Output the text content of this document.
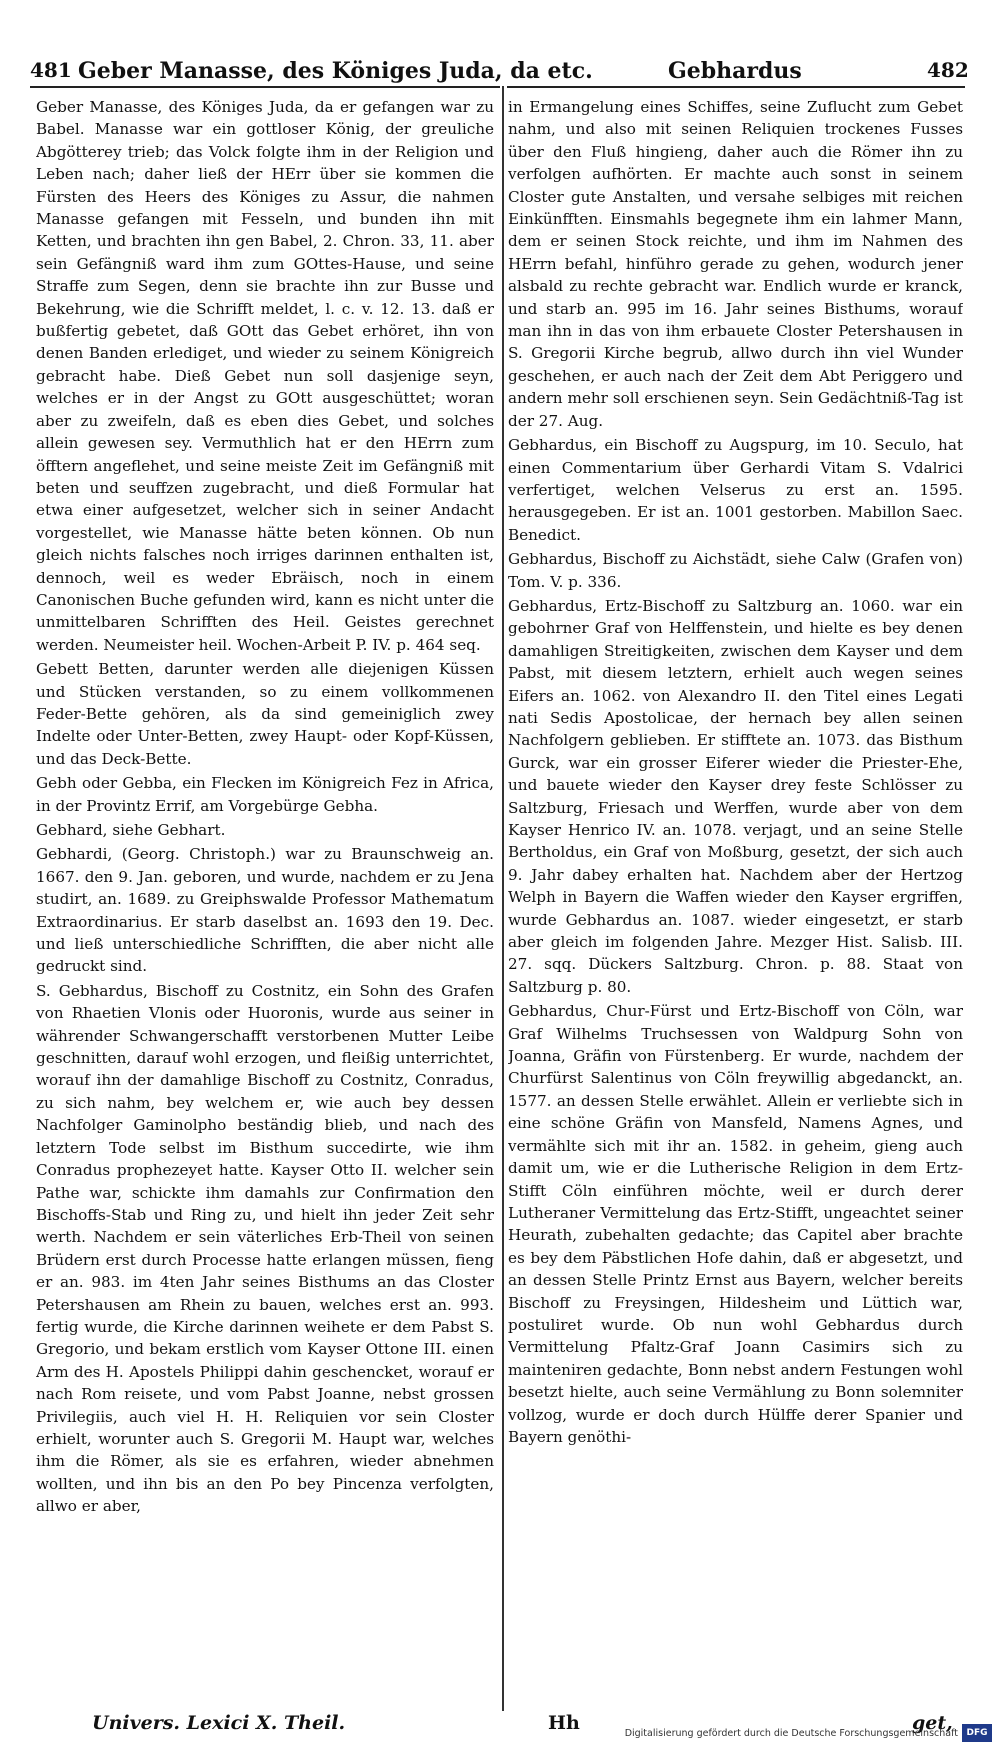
481 Geber Manasse, des Königes Juda, da etc.	Gebhardus	482

Geber Manasse, des Königes Juda, da er gefangen war zu Babel. Manasse war ein gottloser König, der greuliche Abgötterey trieb; das Volck folgte ihm in der Religion und Leben nach; daher ließ der HErr über sie kommen die Fürsten des Heers des Königes zu Assur, die nahmen Manasse gefangen mit Fesseln, und bunden ihn mit Ketten, und brachten ihn gen Babel, 2. Chron. 33, 11. aber sein Gefängniß ward ihm zum GOttes-Hause, und seine Straffe zum Segen, denn sie brachte ihn zur Busse und Bekehrung, wie die Schrifft meldet, l. c. v. 12. 13. daß er bußfertig gebetet, daß GOtt das Gebet erhöret, ihn von denen Banden erlediget, und wieder zu seinem Königreich gebracht habe. Dieß Gebet nun soll dasjenige seyn, welches er in der Angst zu GOtt ausgeschüttet; woran aber zu zweifeln, daß es eben dies Gebet, und solches allein gewesen sey. Vermuthlich hat er den HErrn zum öfftern angeflehet, und seine meiste Zeit im Gefängniß mit beten und seuffzen zugebracht, und dieß Formular hat etwa einer aufgesetzet, welcher sich in seiner Andacht vorgestellet, wie Manasse hätte beten können. Ob nun gleich nichts falsches noch irriges darinnen enthalten ist, dennoch, weil es weder Ebräisch, noch in einem Canonischen Buche gefunden wird, kann es nicht unter die unmittelbaren Schrifften des Heil. Geistes gerechnet werden. Neumeister heil. Wochen-Arbeit P. IV. p. 464 seq.

Gebett Betten, darunter werden alle diejenigen Küssen und Stücken verstanden, so zu einem vollkommenen Feder-Bette gehören, als da sind gemeiniglich zwey Indelte oder Unter-Betten, zwey Haupt- oder Kopf-Küssen, und das Deck-Bette.

Gebh oder Gebba, ein Flecken im Königreich Fez in Africa, in der Provintz Errif, am Vorgebürge Gebha.

Gebhard, siehe Gebhart.

Gebhardi, (Georg. Christoph.) war zu Braunschweig an. 1667. den 9. Jan. geboren, und wurde, nachdem er zu Jena studirt, an. 1689. zu Greiphswalde Professor Mathematum Extraordinarius. Er starb daselbst an. 1693 den 19. Dec. und ließ unterschiedliche Schrifften, die aber nicht alle gedruckt sind.

S. Gebhardus, Bischoff zu Costnitz, ein Sohn des Grafen von Rhaetien Vlonis oder Huoronis, wurde aus seiner in währender Schwangerschafft verstorbenen Mutter Leibe geschnitten, darauf wohl erzogen, und fleißig unterrichtet, worauf ihn der damahlige Bischoff zu Costnitz, Conradus, zu sich nahm, bey welchem er, wie auch bey dessen Nachfolger Gaminolpho beständig blieb, und nach des letztern Tode selbst im Bisthum succedirte, wie ihm Conradus prophezeyet hatte. Kayser Otto II. welcher sein Pathe war, schickte ihm damahls zur Confirmation den Bischoffs-Stab und Ring zu, und hielt ihn jeder Zeit sehr werth. Nachdem er sein väterliches Erb-Theil von seinen Brüdern erst durch Processe hatte erlangen müssen, fieng er an. 983. im 4ten Jahr seines Bisthums an das Closter Petershausen am Rhein zu bauen, welches erst an. 993. fertig wurde, die Kirche darinnen weihete er dem Pabst S. Gregorio, und bekam erstlich vom Kayser Ottone III. einen Arm des H. Apostels Philippi dahin geschencket, worauf er nach Rom reisete, und vom Pabst Joanne, nebst grossen Privilegiis, auch viel H. H. Reliquien vor sein Closter erhielt, worunter auch S. Gregorii M. Haupt war, welches ihm die Römer, als sie es erfahren, wieder abnehmen wollten, und ihn bis an den Po bey Pincenza verfolgten, allwo er aber,

in Ermangelung eines Schiffes, seine Zuflucht zum Gebet nahm, und also mit seinen Reliquien trockenes Fusses über den Fluß hingieng, daher auch die Römer ihn zu verfolgen aufhörten. Er machte auch sonst in seinem Closter gute Anstalten, und versahe selbiges mit reichen Einkünfften. Einsmahls begegnete ihm ein lahmer Mann, dem er seinen Stock reichte, und ihm im Nahmen des HErrn befahl, hinführo gerade zu gehen, wodurch jener alsbald zu rechte gebracht war. Endlich wurde er kranck, und starb an. 995 im 16. Jahr seines Bisthums, worauf man ihn in das von ihm erbauete Closter Petershausen in S. Gregorii Kirche begrub, allwo durch ihn viel Wunder geschehen, er auch nach der Zeit dem Abt Periggero und andern mehr soll erschienen seyn. Sein Gedächtniß-Tag ist der 27. Aug.

Gebhardus, ein Bischoff zu Augspurg, im 10. Seculo, hat einen Commentarium über Gerhardi Vitam S. Vdalrici verfertiget, welchen Velserus zu erst an. 1595. herausgegeben. Er ist an. 1001 gestorben. Mabillon Saec. Benedict.

Gebhardus, Bischoff zu Aichstädt, siehe Calw (Grafen von) Tom. V. p. 336.

Gebhardus, Ertz-Bischoff zu Saltzburg an. 1060. war ein gebohrner Graf von Helffenstein, und hielte es bey denen damahligen Streitigkeiten, zwischen dem Kayser und dem Pabst, mit diesem letztern, erhielt auch wegen seines Eifers an. 1062. von Alexandro II. den Titel eines Legati nati Sedis Apostolicae, der hernach bey allen seinen Nachfolgern geblieben. Er stifftete an. 1073. das Bisthum Gurck, war ein grosser Eiferer wieder die Priester-Ehe, und bauete wieder den Kayser drey feste Schlösser zu Saltzburg, Friesach und Werffen, wurde aber von dem Kayser Henrico IV. an. 1078. verjagt, und an seine Stelle Bertholdus, ein Graf von Moßburg, gesetzt, der sich auch 9. Jahr dabey erhalten hat. Nachdem aber der Hertzog Welph in Bayern die Waffen wieder den Kayser ergriffen, wurde Gebhardus an. 1087. wieder eingesetzt, er starb aber gleich im folgenden Jahre. Mezger Hist. Salisb. III. 27. sqq. Dückers Saltzburg. Chron. p. 88. Staat von Saltzburg p. 80.

Gebhardus, Chur-Fürst und Ertz-Bischoff von Cöln, war Graf Wilhelms Truchsessen von Waldpurg Sohn von Joanna, Gräfin von Fürstenberg. Er wurde, nachdem der Churfürst Salentinus von Cöln freywillig abgedanckt, an. 1577. an dessen Stelle erwählet. Allein er verliebte sich in eine schöne Gräfin von Mansfeld, Namens Agnes, und vermählte sich mit ihr an. 1582. in geheim, gieng auch damit um, wie er die Lutherische Religion in dem Ertz-Stifft Cöln einführen möchte, weil er durch derer Lutheraner Vermittelung das Ertz-Stifft, ungeachtet seiner Heurath, zubehalten gedachte; das Capitel aber brachte es bey dem Päbstlichen Hofe dahin, daß er abgesetzt, und an dessen Stelle Printz Ernst aus Bayern, welcher bereits Bischoff zu Freysingen, Hildesheim und Lüttich war, postuliret wurde. Ob nun wohl Gebhardus durch Vermittelung Pfaltz-Graf Joann Casimirs sich zu mainteniren gedachte, Bonn nebst andern Festungen wohl besetzt hielte, auch seine Vermählung zu Bonn solemniter vollzog, wurde er doch durch Hülffe derer Spanier und Bayern genöthi-

Univers. Lexici X. Theil.	Hh	get,
Digitalisierung gefördert durch die Deutsche Forschungsgemeinschaft DFG
